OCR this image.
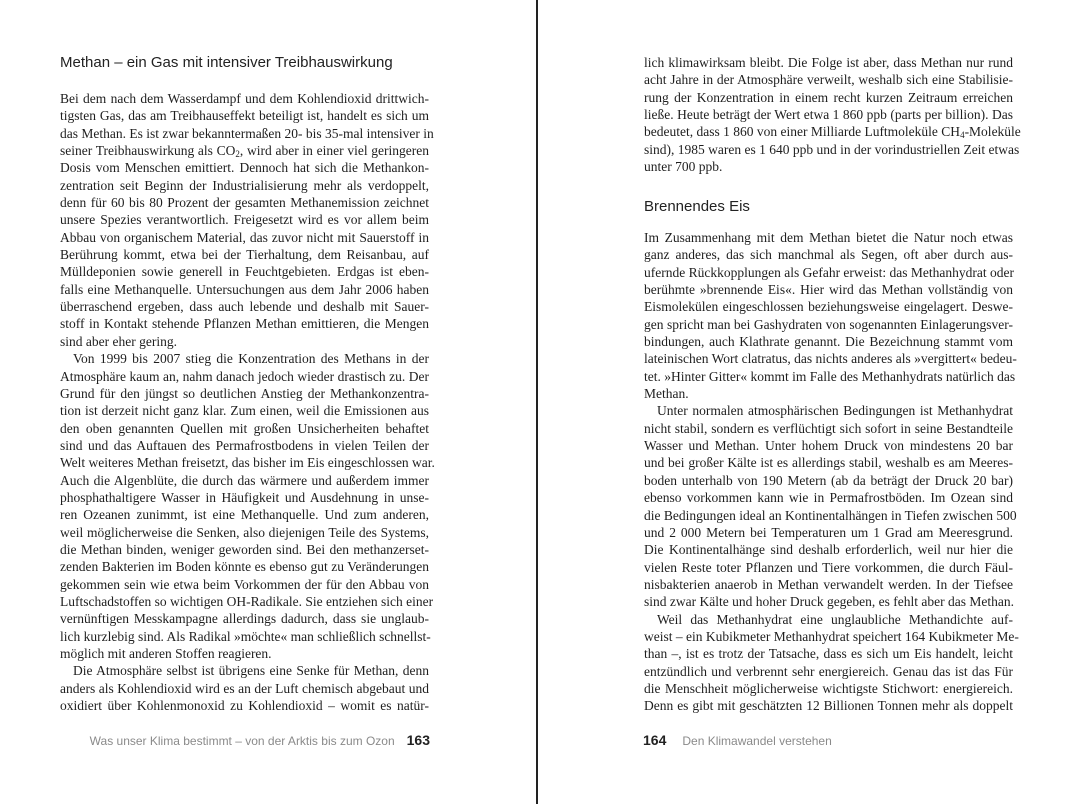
Methan – ein Gas mit intensiver Treibhauswirkung
Bei dem nach dem Wasserdampf und dem Kohlendioxid drittwich-
tigsten Gas, das am Treibhauseffekt beteiligt ist, handelt es sich um
das Methan. Es ist zwar bekanntermaßen 20- bis 35-mal intensiver in
seiner Treibhauswirkung als $CO_2$, wird aber in einer viel geringeren
Dosis vom Menschen emittiert. Dennoch hat sich die Methankon-
zentration seit Beginn der Industrialisierung mehr als verdoppelt,
denn für 60 bis 80 Prozent der gesamten Methanemission zeichnet
unsere Spezies verantwortlich. Freigesetzt wird es vor allem beim
Abbau von organischem Material, das zuvor nicht mit Sauerstoff in
Berührung kommt, etwa bei der Tierhaltung, dem Reisanbau, auf
Mülldeponien sowie generell in Feuchtgebieten. Erdgas ist eben-
falls eine Methanquelle. Untersuchungen aus dem Jahr 2006 haben
überraschend ergeben, dass auch lebende und deshalb mit Sauer-
stoff in Kontakt stehende Pflanzen Methan emittieren, die Mengen
sind aber eher gering.
Von 1999 bis 2007 stieg die Konzentration des Methans in der
Atmosphäre kaum an, nahm danach jedoch wieder drastisch zu. Der
Grund für den jüngst so deutlichen Anstieg der Methankonzentra-
tion ist derzeit nicht ganz klar. Zum einen, weil die Emissionen aus
den oben genannten Quellen mit großen Unsicherheiten behaftet
sind und das Auftauen des Permafrostbodens in vielen Teilen der
Welt weiteres Methan freisetzt, das bisher im Eis eingeschlossen war.
Auch die Algenblüte, die durch das wärmere und außerdem immer
phosphathaltigere Wasser in Häufigkeit und Ausdehnung in unse-
ren Ozeanen zunimmt, ist eine Methanquelle. Und zum anderen,
weil möglicherweise die Senken, also diejenigen Teile des Systems,
die Methan binden, weniger geworden sind. Bei den methanzerset-
zenden Bakterien im Boden könnte es ebenso gut zu Veränderungen
gekommen sein wie etwa beim Vorkommen der für den Abbau von
Luftschadstoffen so wichtigen OH-Radikale. Sie entziehen sich einer
vernünftigen Messkampagne allerdings dadurch, dass sie unglaub-
lich kurzlebig sind. Als Radikal »möchte« man schließlich schnellst-
möglich mit anderen Stoffen reagieren.
Die Atmosphäre selbst ist übrigens eine Senke für Methan, denn
anders als Kohlendioxid wird es an der Luft chemisch abgebaut und
oxidiert über Kohlenmonoxid zu Kohlendioxid – womit es natür-
Was unser Klima bestimmt – von der Arktis bis zum Ozon 163
lich klimawirksam bleibt. Die Folge ist aber, dass Methan nur rund
acht Jahre in der Atmosphäre verweilt, weshalb sich eine Stabilisie-
rung der Konzentration in einem recht kurzen Zeitraum erreichen
ließe. Heute beträgt der Wert etwa 1 860 ppb (parts per billion). Das
bedeutet, dass 1 860 von einer Milliarde Luftmoleküle $CH_4$-Moleküle
sind), 1985 waren es 1 640 ppb und in der vorindustriellen Zeit etwas
unter 700 ppb.
Brennendes Eis
Im Zusammenhang mit dem Methan bietet die Natur noch etwas
ganz anderes, das sich manchmal als Segen, oft aber durch aus-
ufernde Rückkopplungen als Gefahr erweist: das Methanhydrat oder
berühmte »brennende Eis«. Hier wird das Methan vollständig von
Eismolekülen eingeschlossen beziehungsweise eingelagert. Deswe-
gen spricht man bei Gashydraten von sogenannten Einlagerungsver-
bindungen, auch Klathrate genannt. Die Bezeichnung stammt vom
lateinischen Wort clatratus, das nichts anderes als »vergittert« bedeu-
tet. »Hinter Gitter« kommt im Falle des Methanhydrats natürlich das
Methan.
Unter normalen atmosphärischen Bedingungen ist Methanhydrat
nicht stabil, sondern es verflüchtigt sich sofort in seine Bestandteile
Wasser und Methan. Unter hohem Druck von mindestens 20 bar
und bei großer Kälte ist es allerdings stabil, weshalb es am Meeres-
boden unterhalb von 190 Metern (ab da beträgt der Druck 20 bar)
ebenso vorkommen kann wie in Permafrostböden. Im Ozean sind
die Bedingungen ideal an Kontinentalhängen in Tiefen zwischen 500
und 2 000 Metern bei Temperaturen um 1 Grad am Meeresgrund.
Die Kontinentalhänge sind deshalb erforderlich, weil nur hier die
vielen Reste toter Pflanzen und Tiere vorkommen, die durch Fäul-
nisbakterien anaerob in Methan verwandelt werden. In der Tiefsee
sind zwar Kälte und hoher Druck gegeben, es fehlt aber das Methan.
Weil das Methanhydrat eine unglaubliche Methandichte auf-
weist – ein Kubikmeter Methanhydrat speichert 164 Kubikmeter Me-
than –, ist es trotz der Tatsache, dass es sich um Eis handelt, leicht
entzündlich und verbrennt sehr energiereich. Genau das ist das Für
die Menschheit möglicherweise wichtigste Stichwort: energiereich.
Denn es gibt mit geschätzten 12 Billionen Tonnen mehr als doppelt
164 Den Klimawandel verstehen
